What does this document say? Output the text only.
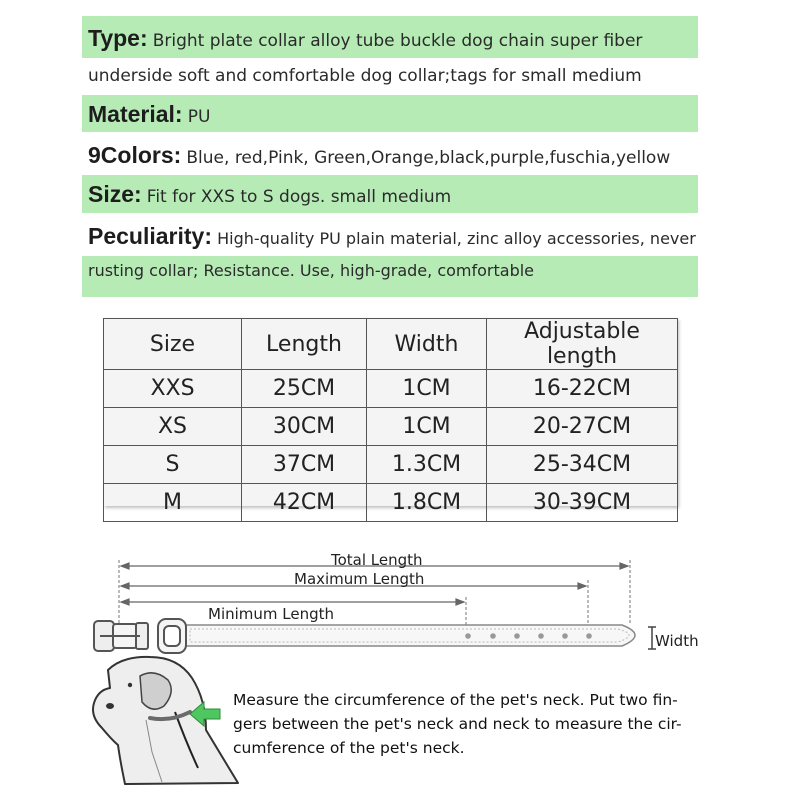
Type: Bright plate collar alloy tube buckle dog chain super fiber
underside soft and comfortable dog collar;tags for small medium
Material: PU
9Colors: Blue, red,Pink, Green,Orange,black,purple,fuschia,yellow
Size: Fit for XXS to S dogs. small medium
Peculiarity: High-quality PU plain material, zinc alloy accessories, never
rusting collar; Resistance. Use, high-grade, comfortable
Size	Length	Width	Adjustable length
XXS	25CM	1CM	16-22CM
XS	30CM	1CM	20-27CM
S	37CM	1.3CM	25-34CM
M	42CM	1.8CM	30-39CM
Total Length
Maximum Length
Minimum Length
Width
Measure the circumference of the pet's neck. Put two fin-
gers between the pet's neck and neck to measure the cir-
cumference of the pet's neck.
